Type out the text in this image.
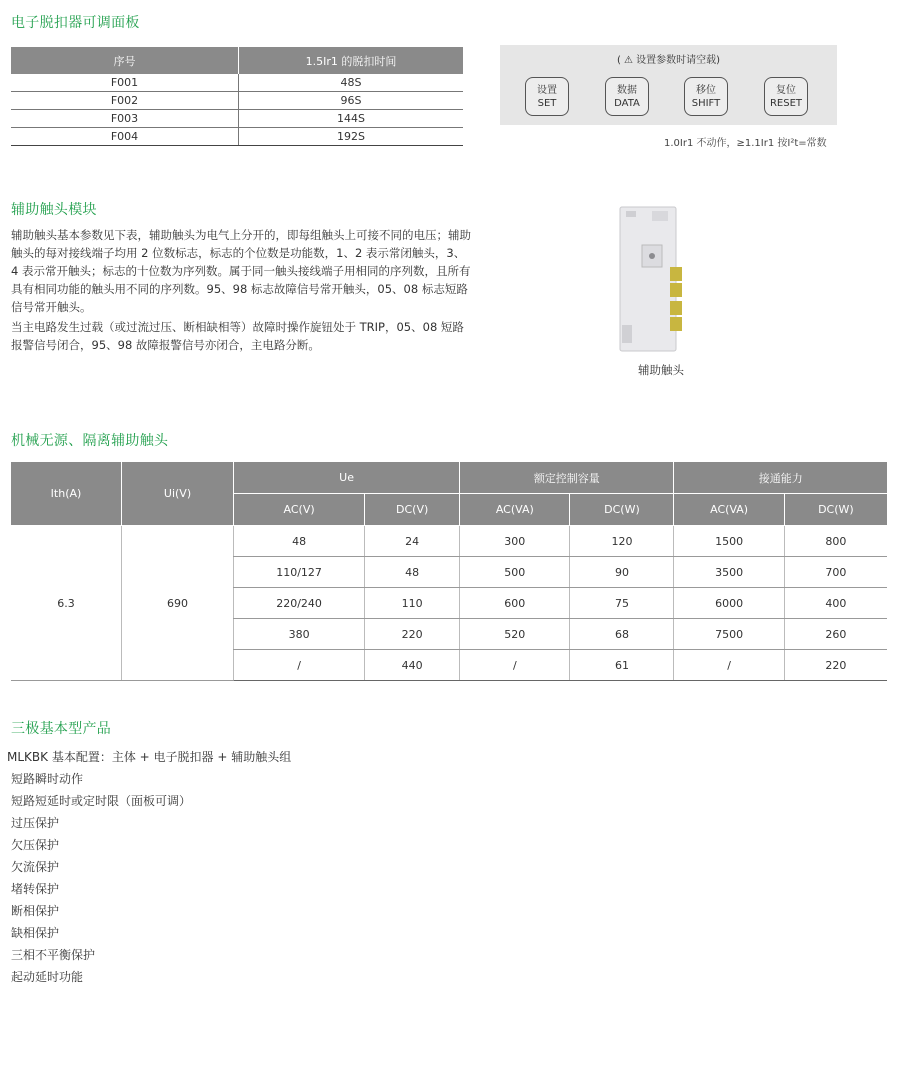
电子脱扣器可调面板
序号	1.5Ir1 的脱扣时间
F001	48S
F002	96S
F003	144S
F004	192S
( ⚠ 设置参数时请空载)
设置
SET
数据
DATA
移位
SHIFT
复位
RESET
1.0Ir1 不动作，≥1.1Ir1 按I²t=常数
辅助触头模块
辅助触头基本参数见下表，辅助触头为电气上分开的，即每组触头上可接不同的电压；辅助触头的每对接线端子均用 2 位数标志，标志的个位数是功能数，1、2 表示常闭触头，3、4 表示常开触头；标志的十位数为序列数。属于同一触头接线端子用相同的序列数，且所有具有相同功能的触头用不同的序列数。95、98 标志故障信号常开触头，05、08 标志短路信号常开触头。
当主电路发生过载（或过流过压、断相缺相等）故障时操作旋钮处于 TRIP，05、08 短路报警信号闭合，95、98 故障报警信号亦闭合，主电路分断。
辅助触头
机械无源、隔离辅助触头
Ith(A)	Ui(V)	Ue		额定控制容量		接通能力	
		AC(V)	DC(V)	AC(VA)	DC(W)	AC(VA)	DC(W)
6.3	690	48	24	300	120	1500	800
		110/127	48	500	90	3500	700
		220/240	110	600	75	6000	400
		380	220	520	68	7500	260
		/	440	/	61	/	220
三极基本型产品
MLKBK 基本配置：主体 + 电子脱扣器 + 辅助触头组
短路瞬时动作
短路短延时或定时限（面板可调）
过压保护
欠压保护
欠流保护
堵转保护
断相保护
缺相保护
三相不平衡保护
起动延时功能
